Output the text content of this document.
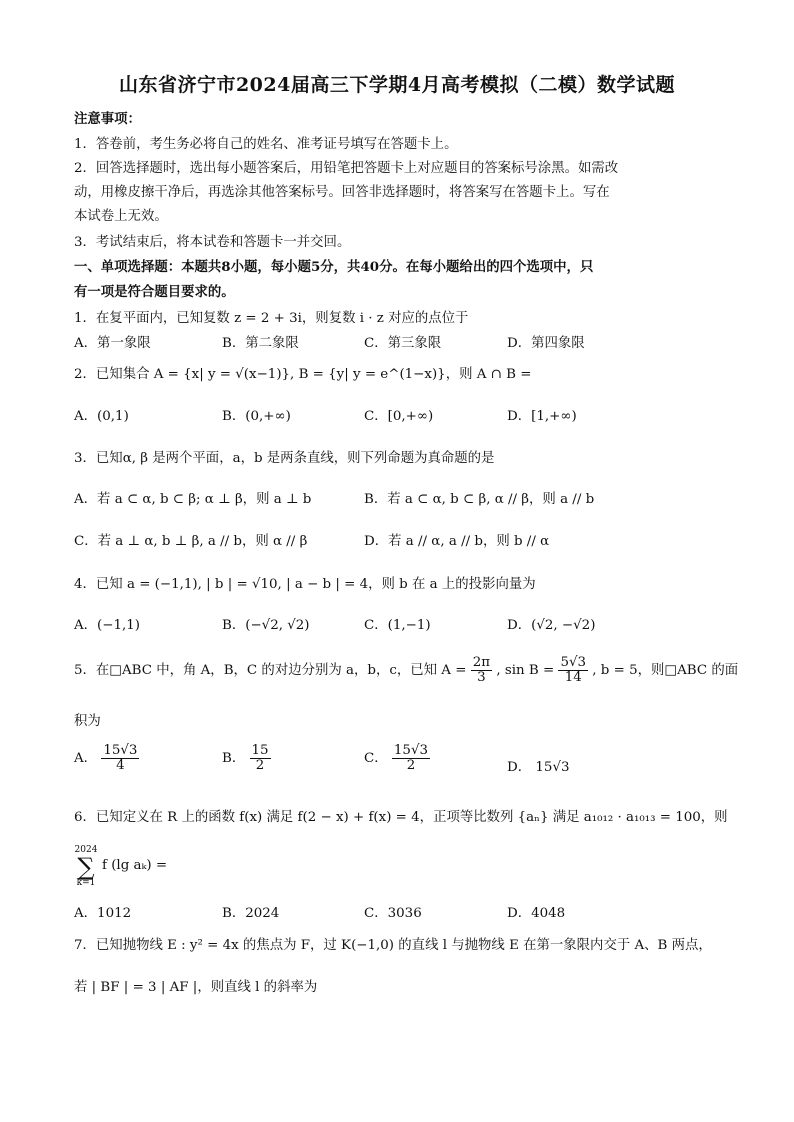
山东省济宁市2024届高三下学期4月高考模拟（二模）数学试题
注意事项：
1．答卷前，考生务必将自己的姓名、准考证号填写在答题卡上。
2．回答选择题时，选出每小题答案后，用铅笔把答题卡上对应题目的答案标号涂黑。如需改
动，用橡皮擦干净后，再选涂其他答案标号。回答非选择题时，将答案写在答题卡上。写在
本试卷上无效。
3．考试结束后，将本试卷和答题卡一并交回。
一、单项选择题：本题共8小题，每小题5分，共40分。在每小题给出的四个选项中，只
有一项是符合题目要求的。
1．在复平面内，已知复数 z = 2 + 3i，则复数 i · z 对应的点位于
A．第一象限	B．第二象限	C．第三象限	D．第四象限
2．已知集合 A = {x| y = √(x−1)}, B = {y| y = e^(1−x)}，则 A ∩ B =
A．(0,1)	B．(0,+∞)	C．[0,+∞)	D．[1,+∞)
3．已知α, β 是两个平面，a，b 是两条直线，则下列命题为真命题的是
A．若 a ⊂ α, b ⊂ β; α ⊥ β，则 a ⊥ b	B．若 a ⊂ α, b ⊂ β, α // β，则 a // b
C．若 a ⊥ α, b ⊥ β, a // b，则 α // β	D．若 a // α, a // b，则 b // α
4．已知 a = (−1,1), | b | = √10, | a − b | = 4，则 b 在 a 上的投影向量为
A．(−1,1)	B．(−√2, √2)	C．(1,−1)	D．(√2, −√2)
5．在□ABC 中，角 A，B，C 的对边分别为 a，b，c，已知 $A = \frac{2\pi}{3}$ , $\sin B = \frac{5√3}{14}$ , b = 5，则□ABC 的面
积为
A． $\frac{15√3}{4}$	B． $\frac{15}{2}$	C． $\frac{15√3}{2}$	D． 15√3
6．已知定义在 R 上的函数 f(x) 满足 f(2 − x) + f(x) = 4，正项等比数列 {aₙ} 满足 a₁₀₁₂ · a₁₀₁₃ = 100，则
2024
∑
k=1
f (lg aₖ) =
A．1012	B．2024	C．3036	D．4048
7．已知抛物线 E : y² = 4x 的焦点为 F，过 K(−1,0) 的直线 l 与抛物线 E 在第一象限内交于 A、B 两点，
若 | BF | = 3 | AF |，则直线 l 的斜率为
